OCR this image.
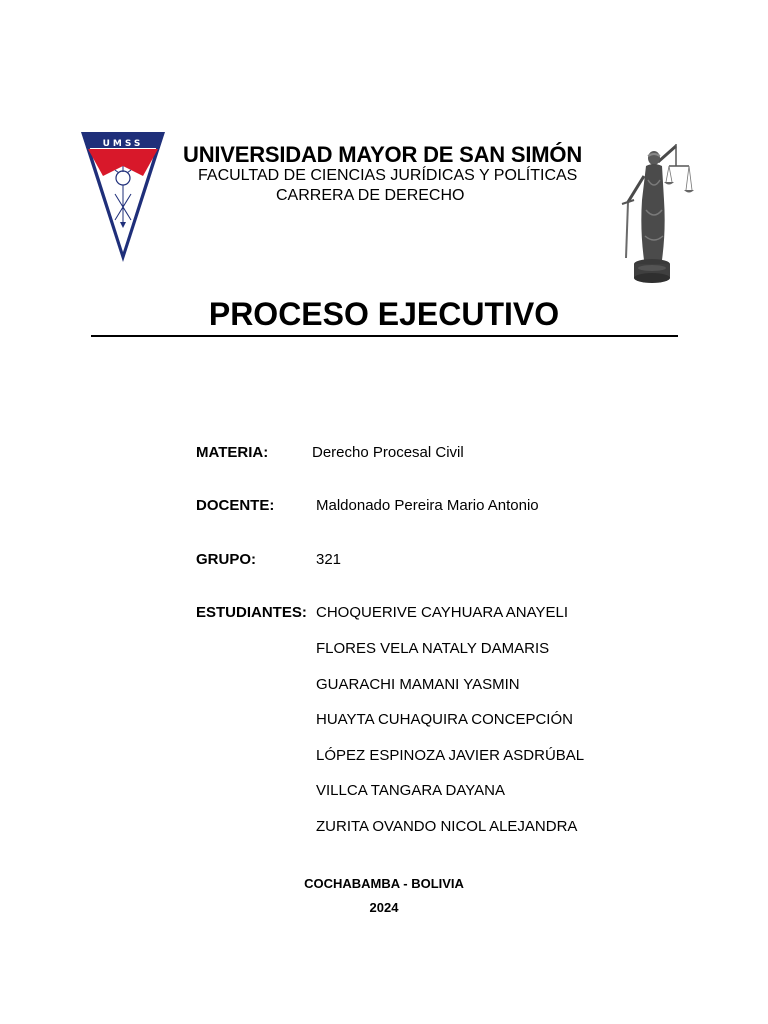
UMSS UNIVERSIDAD MAYOR DE SAN SIMÓN
FACULTAD DE CIENCIAS JURÍDICAS Y POLÍTICAS
CARRERA DE DERECHO
PROCESO EJECUTIVO
MATERIA:	Derecho Procesal Civil
DOCENTE:	Maldonado Pereira Mario Antonio
GRUPO:	321
ESTUDIANTES: CHOQUERIVE CAYHUARA ANAYELI
FLORES VELA NATALY DAMARIS
GUARACHI MAMANI YASMIN
HUAYTA CUHAQUIRA CONCEPCIÓN
LÓPEZ ESPINOZA JAVIER ASDRÚBAL
VILLCA TANGARA DAYANA
ZURITA OVANDO NICOL ALEJANDRA
COCHABAMBA - BOLIVIA
2024
